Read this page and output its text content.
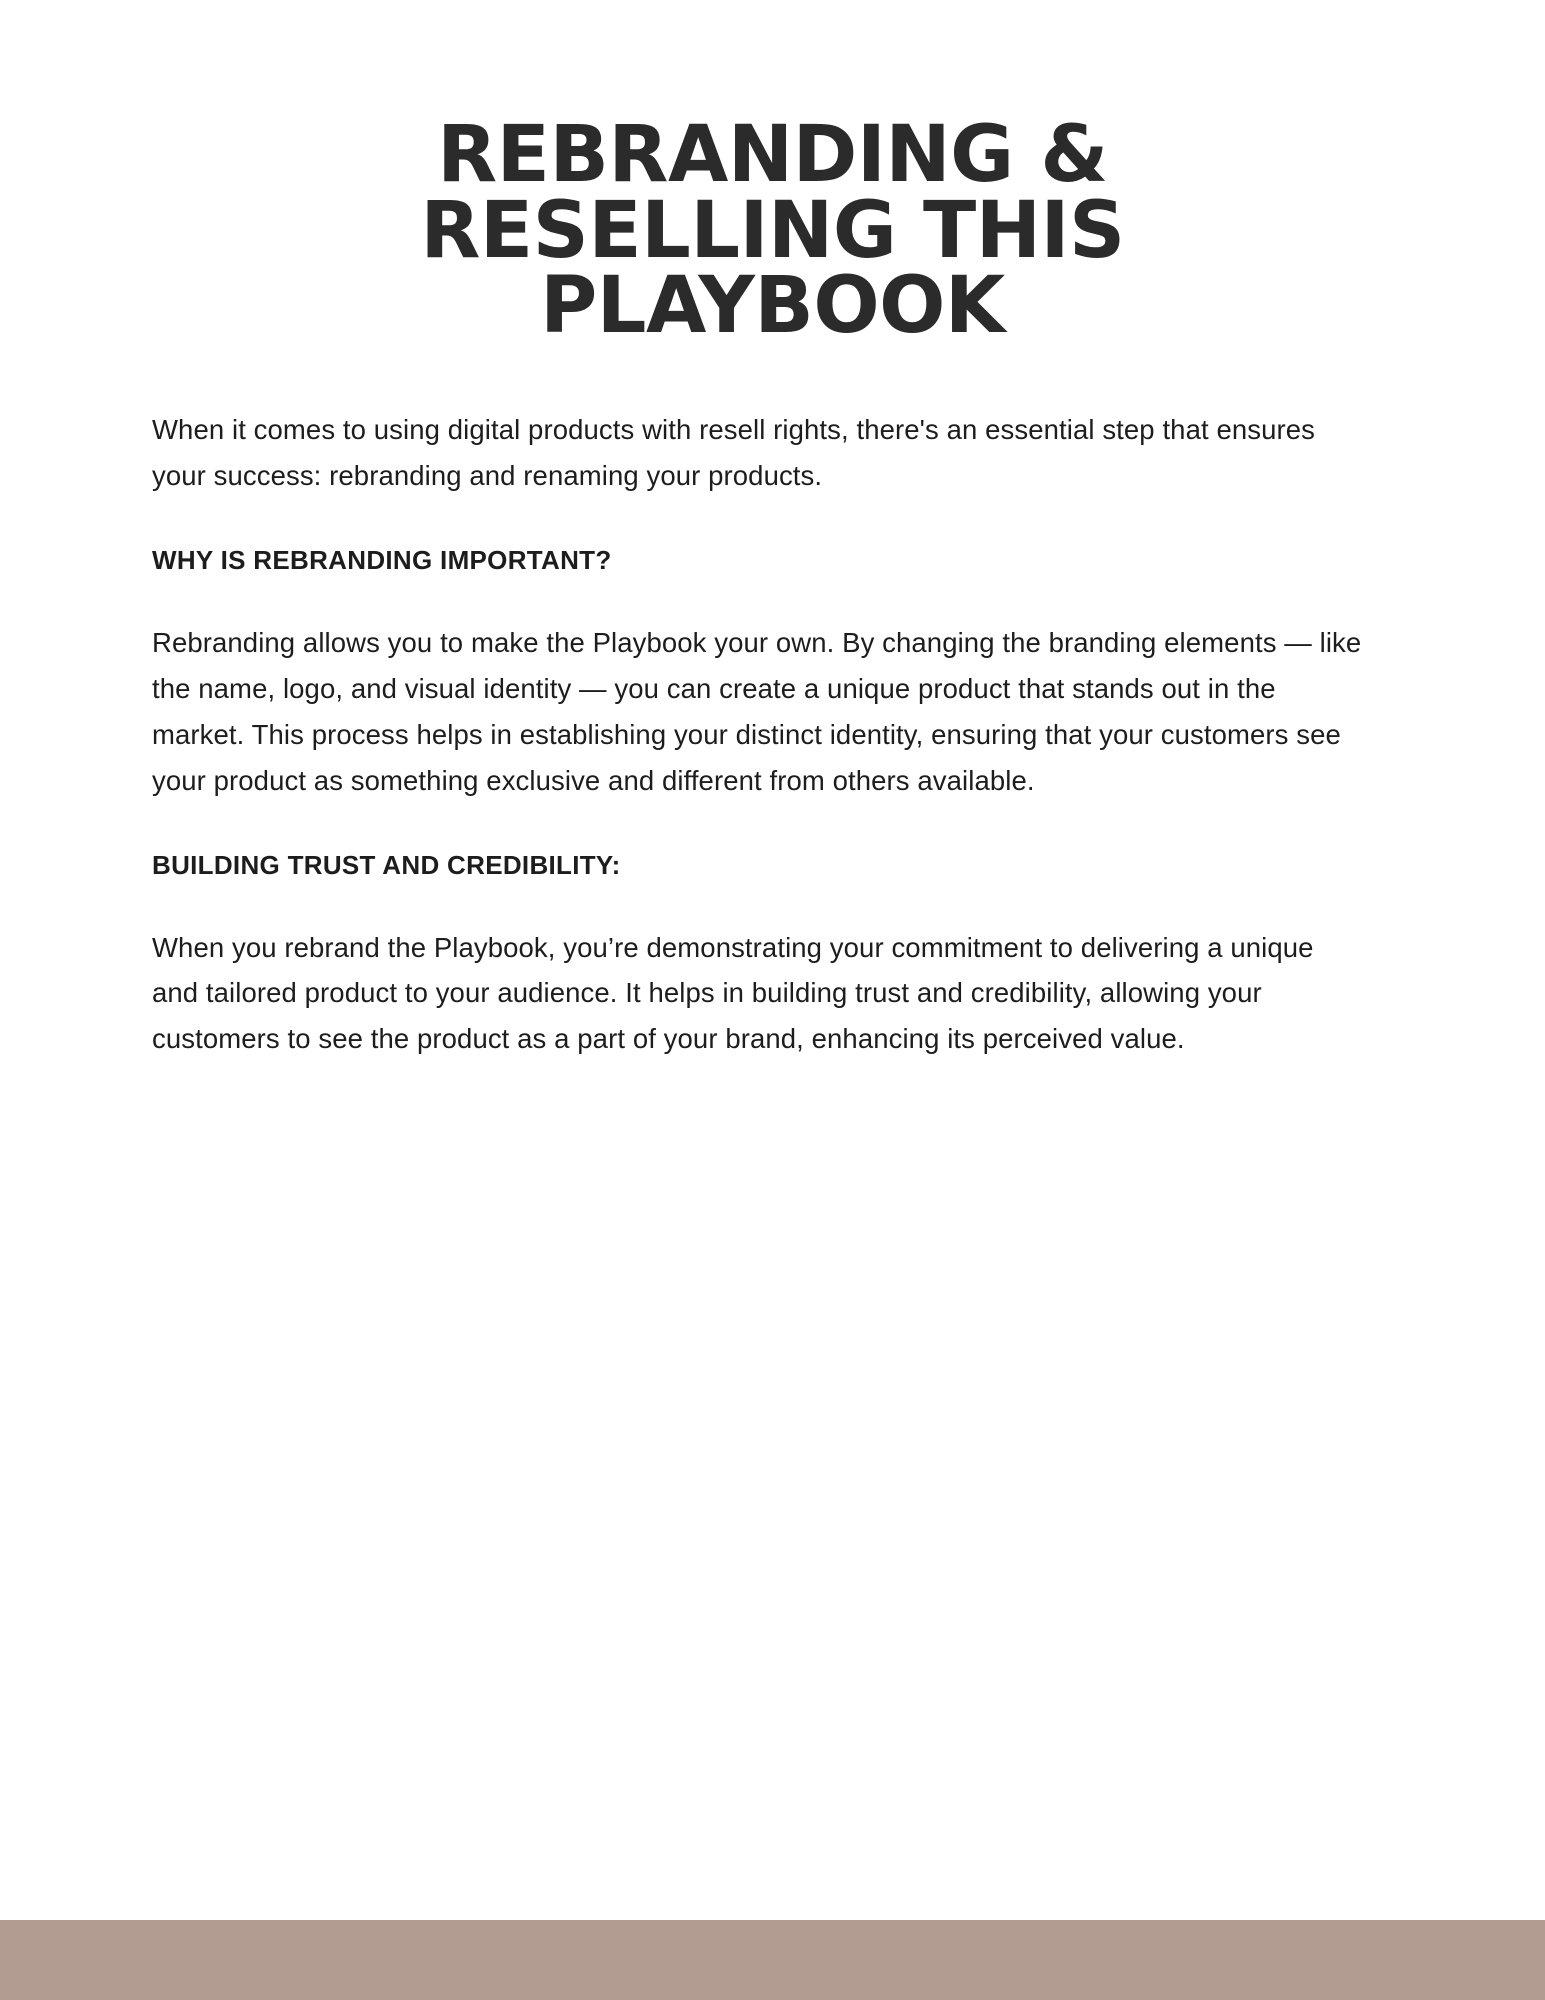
REBRANDING &
RESELLING THIS
PLAYBOOK

When it comes to using digital products with resell rights, there's an essential step that ensures your success: rebranding and renaming your products.

WHY IS REBRANDING IMPORTANT?

Rebranding allows you to make the Playbook your own. By changing the branding elements — like the name, logo, and visual identity — you can create a unique product that stands out in the market. This process helps in establishing your distinct identity, ensuring that your customers see your product as something exclusive and different from others available.

BUILDING TRUST AND CREDIBILITY:

When you rebrand the Playbook, you’re demonstrating your commitment to delivering a unique and tailored product to your audience. It helps in building trust and credibility, allowing your customers to see the product as a part of your brand, enhancing its perceived value.
